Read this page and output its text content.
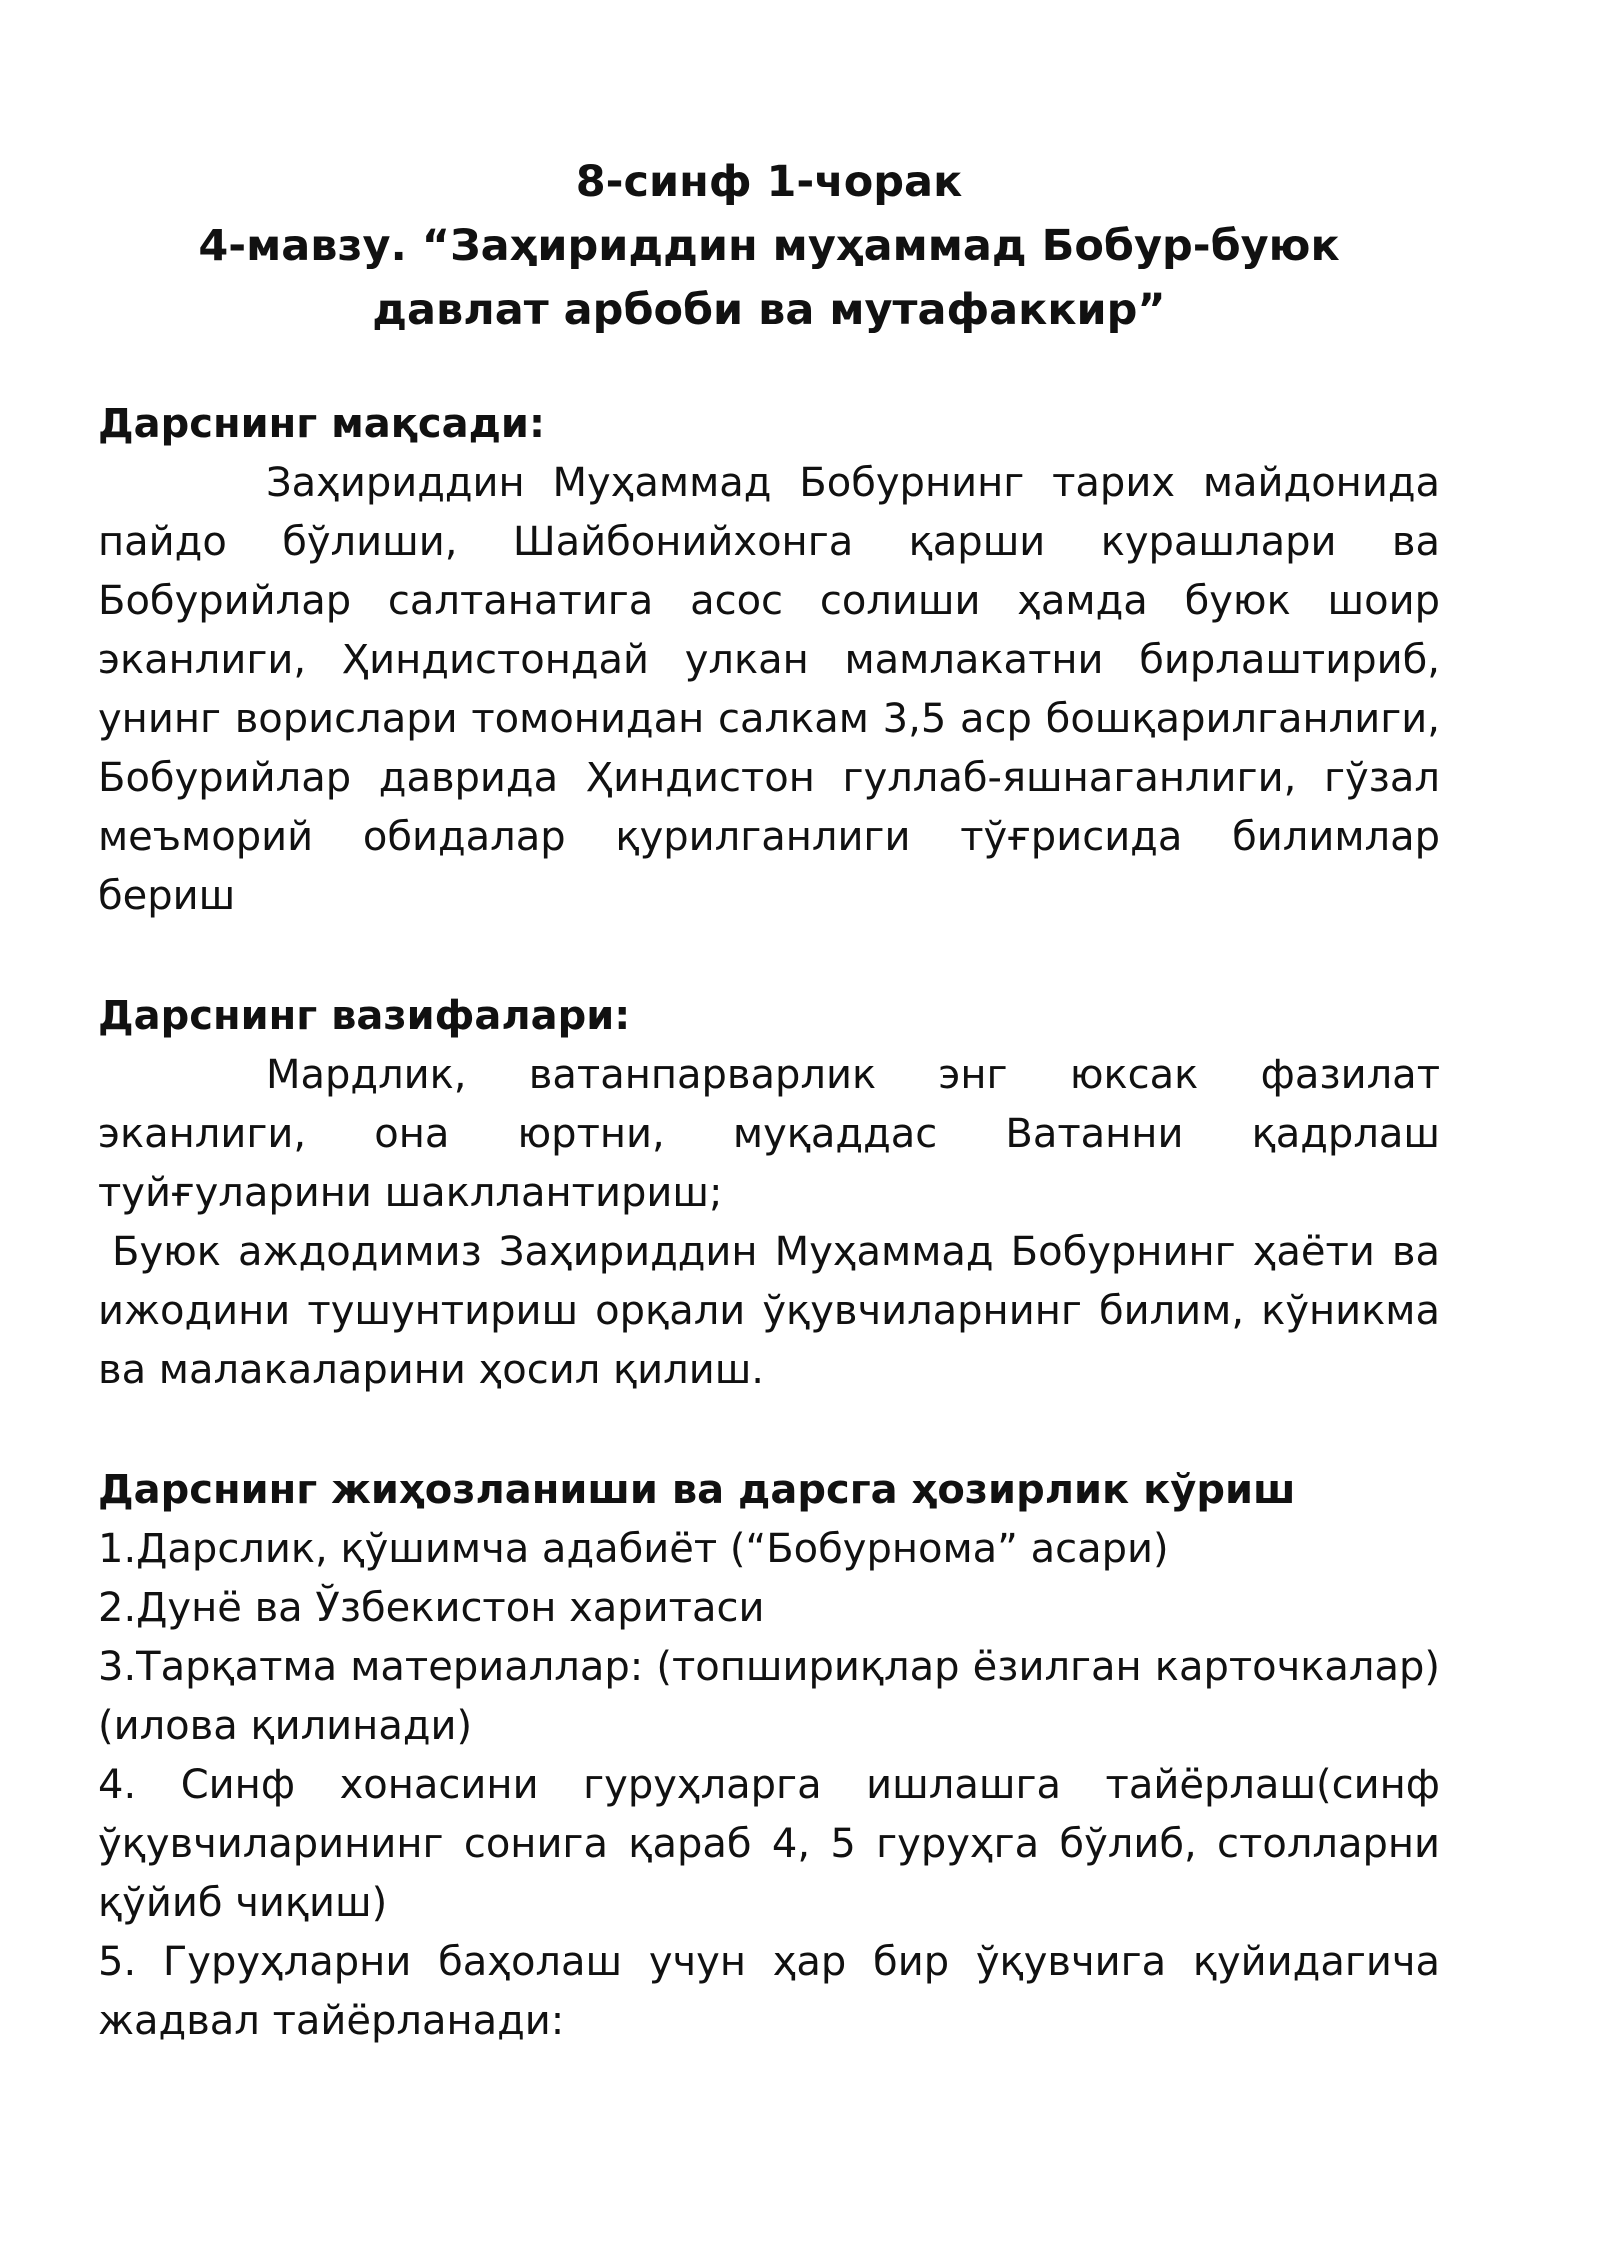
8-синф 1-чорак
4-мавзу. “Заҳириддин муҳаммад Бобур-буюк
давлат арбоби ва мутафаккир”
Дарснинг мақсади:

Заҳириддин Муҳаммад Бобурнинг тарих майдонида пайдо бўлиши, Шайбонийхонга қарши курашлари ва Бобурийлар салтанатига асос солиши ҳамда буюк шоир эканлиги, Ҳиндистондай улкан мамлакатни бирлаштириб, унинг ворислари томонидан салкам 3,5 аср бошқарилганлиги, Бобурийлар даврида Ҳиндистон гуллаб-яшнаганлиги, гўзал меъморий обидалар қурилганлиги тўғрисида билимлар бериш

Дарснинг вазифалари:

Мардлик, ватанпарварлик энг юксак фазилат эканлиги, она юртни, муқаддас Ватанни қадрлаш туйғуларини шакллантириш;

Буюк аждодимиз Заҳириддин Муҳаммад Бобурнинг ҳаёти ва ижодини тушунтириш орқали ўқувчиларнинг билим, кўникма ва малакаларини ҳосил қилиш.

Дарснинг жиҳозланиши ва дарсга ҳозирлик кўриш

1.Дарслик, қўшимча адабиёт (“Бобурнома” асари)

2.Дунё ва Ўзбекистон харитаси

3.Тарқатма материаллар: (топшириқлар ёзилган карточкалар) (илова қилинади)

4. Синф хонасини гуруҳларга ишлашга тайёрлаш(синф ўқувчиларининг сонига қараб 4, 5 гуруҳга бўлиб, столларни қўйиб чиқиш)

5. Гуруҳларни баҳолаш учун ҳар бир ўқувчига қуйидагича жадвал тайёрланади:
